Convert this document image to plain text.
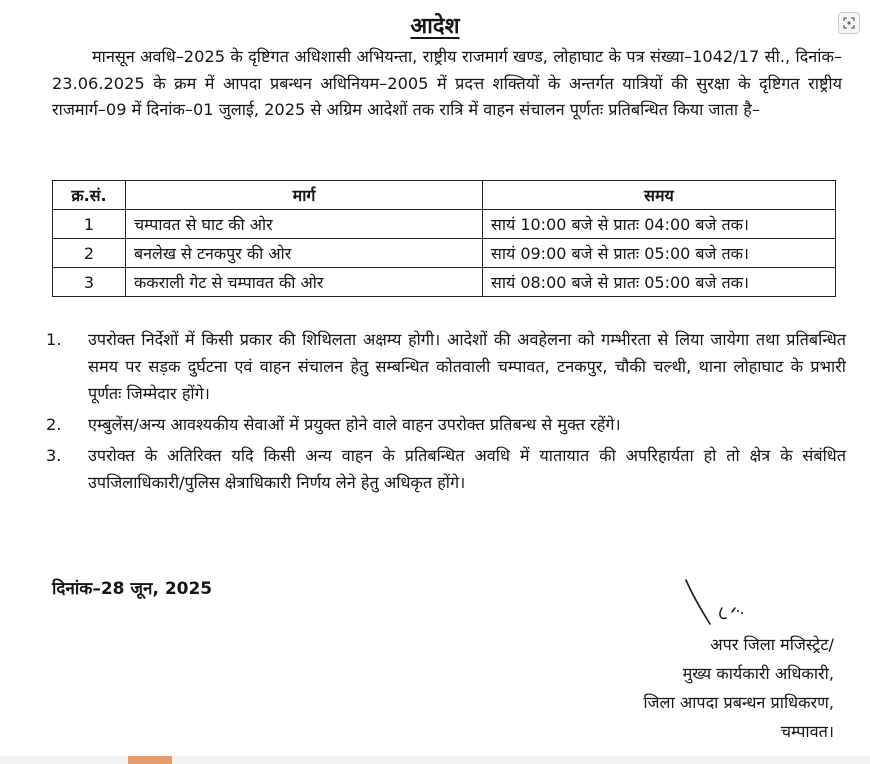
आदेश

मानसून अवधि–2025 के दृष्टिगत अधिशासी अभियन्ता, राष्ट्रीय राजमार्ग खण्ड, लोहाघाट के पत्र संख्या–1042/17 सी., दिनांक–23.06.2025 के क्रम में आपदा प्रबन्धन अधिनियम–2005 में प्रदत्त शक्तियों के अन्तर्गत यात्रियों की सुरक्षा के दृष्टिगत राष्ट्रीय राजमार्ग–09 में दिनांक–01 जुलाई, 2025 से अग्रिम आदेशों तक रात्रि में वाहन संचालन पूर्णतः प्रतिबन्धित किया जाता है–

क्र.सं.	मार्ग	समय
1	चम्पावत से घाट की ओर	सायं 10:00 बजे से प्रातः 04:00 बजे तक।
2	बनलेख से टनकपुर की ओर	सायं 09:00 बजे से प्रातः 05:00 बजे तक।
3	ककराली गेट से चम्पावत की ओर	सायं 08:00 बजे से प्रातः 05:00 बजे तक।
1. उपरोक्त निर्देशों में किसी प्रकार की शिथिलता अक्षम्य होगी। आदेशों की अवहेलना को गम्भीरता से लिया जायेगा तथा प्रतिबन्धित समय पर सड़क दुर्घटना एवं वाहन संचालन हेतु सम्बन्धित कोतवाली चम्पावत, टनकपुर, चौकी चल्थी, थाना लोहाघाट के प्रभारी पूर्णतः जिम्मेदार होंगे।
2. एम्बुलेंस/अन्य आवश्यकीय सेवाओं में प्रयुक्त होने वाले वाहन उपरोक्त प्रतिबन्ध से मुक्त रहेंगे।
3. उपरोक्त के अतिरिक्त यदि किसी अन्य वाहन के प्रतिबन्धित अवधि में यातायात की अपरिहार्यता हो तो क्षेत्र के संबंधित उपजिलाधिकारी/पुलिस क्षेत्राधिकारी निर्णय लेने हेतु अधिकृत होंगे।
दिनांक–28 जून, 2025
अपर जिला मजिस्ट्रेट/
मुख्य कार्यकारी अधिकारी,
जिला आपदा प्रबन्धन प्राधिकरण,
चम्पावत।
